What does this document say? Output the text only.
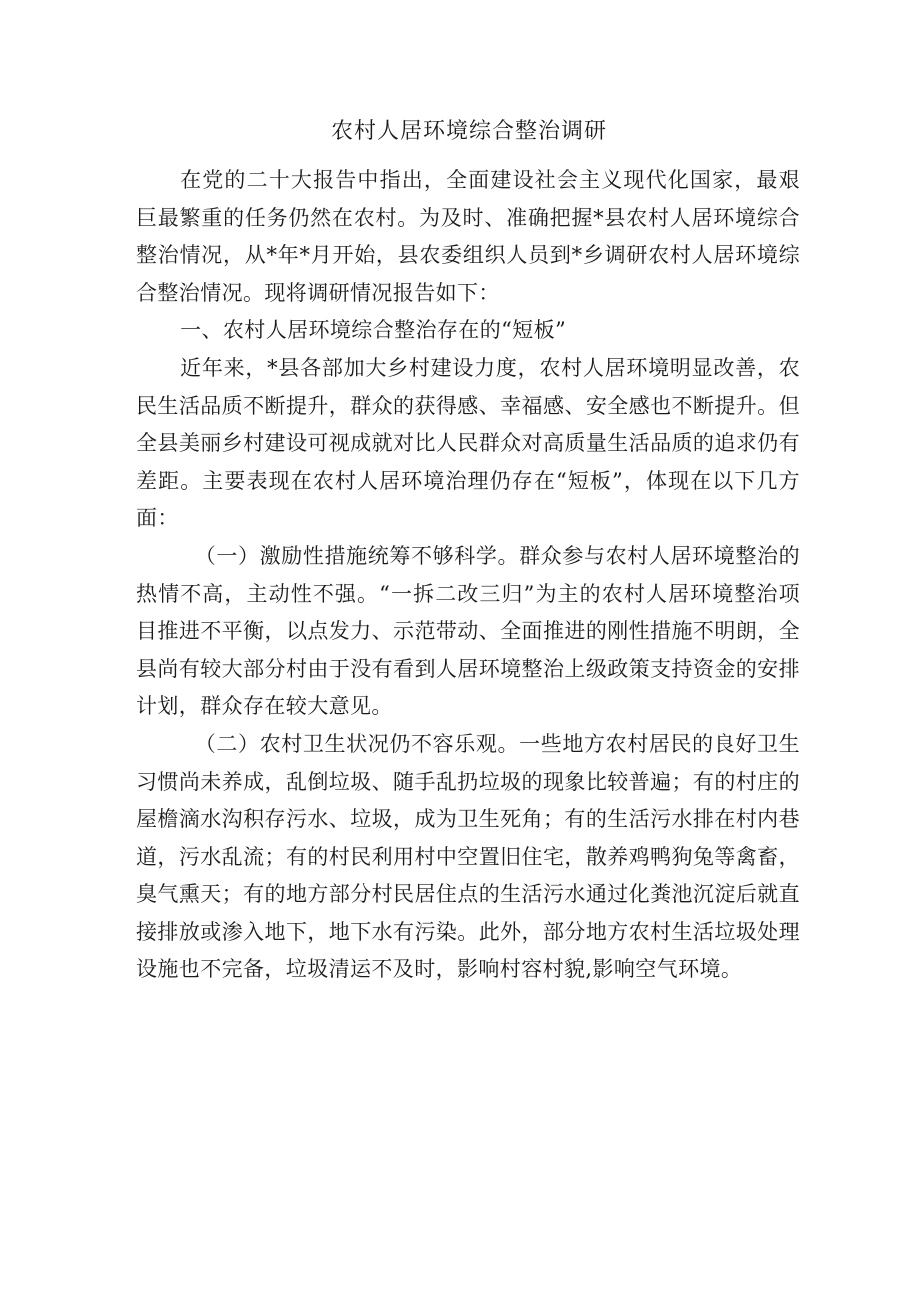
农村人居环境综合整治调研

在党的二十大报告中指出，全面建设社会主义现代化国家，最艰巨最繁重的任务仍然在农村。为及时、准确把握*县农村人居环境综合整治情况，从*年*月开始，县农委组织人员到*乡调研农村人居环境综合整治情况。现将调研情况报告如下：

一、农村人居环境综合整治存在的“短板”

近年来，*县各部加大乡村建设力度，农村人居环境明显改善，农民生活品质不断提升，群众的获得感、幸福感、安全感也不断提升。但全县美丽乡村建设可视成就对比人民群众对高质量生活品质的追求仍有差距。主要表现在农村人居环境治理仍存在“短板”，体现在以下几方面：

（一）激励性措施统筹不够科学。群众参与农村人居环境整治的热情不高，主动性不强。“一拆二改三归”为主的农村人居环境整治项目推进不平衡，以点发力、示范带动、全面推进的刚性措施不明朗，全县尚有较大部分村由于没有看到人居环境整治上级政策支持资金的安排计划，群众存在较大意见。

（二）农村卫生状况仍不容乐观。一些地方农村居民的良好卫生习惯尚未养成，乱倒垃圾、随手乱扔垃圾的现象比较普遍；有的村庄的屋檐滴水沟积存污水、垃圾，成为卫生死角；有的生活污水排在村内巷道，污水乱流；有的村民利用村中空置旧住宅，散养鸡鸭狗兔等禽畜，臭气熏天；有的地方部分村民居住点的生活污水通过化粪池沉淀后就直接排放或渗入地下，地下水有污染。此外，部分地方农村生活垃圾处理设施也不完备，垃圾清运不及时，影响村容村貌,影响空气环境。
